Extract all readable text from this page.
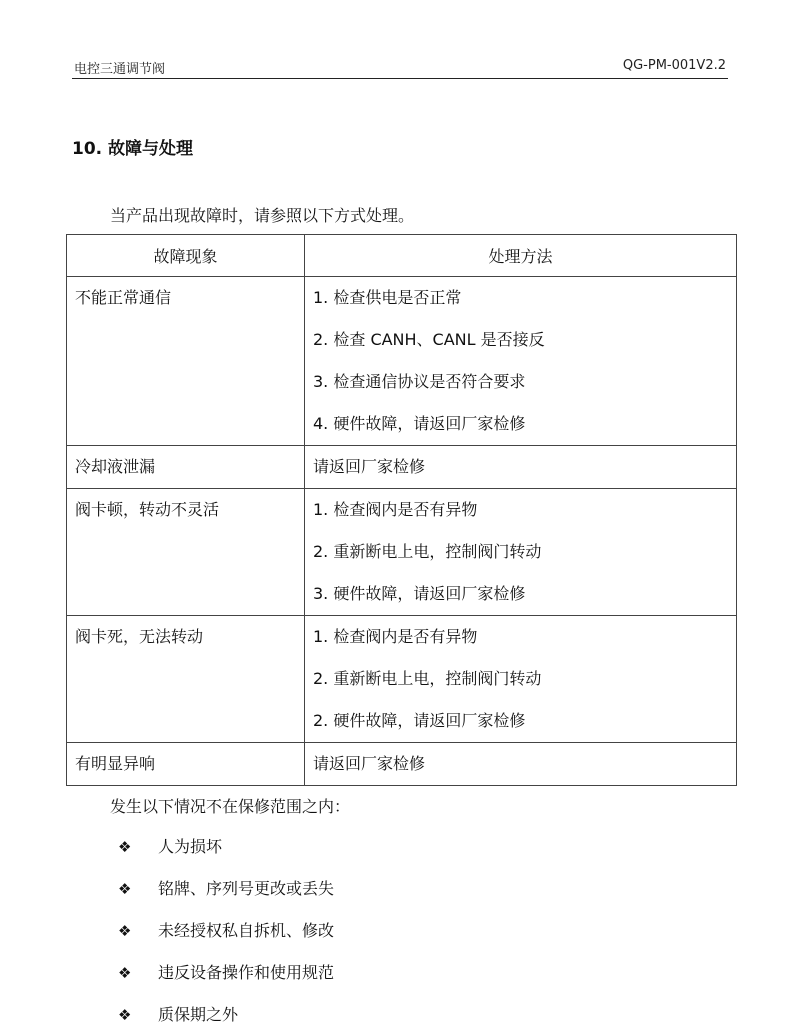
电控三通调节阀	QG-PM-001V2.2
10. 故障与处理
当产品出现故障时，请参照以下方式处理。
故障现象	处理方法

不能正常通信	1. 检查供电是否正常
2. 检查 CANH、CANL 是否接反
3. 检查通信协议是否符合要求
4. 硬件故障，请返回厂家检修

冷却液泄漏	请返回厂家检修

阀卡顿，转动不灵活	1. 检查阀内是否有异物
2. 重新断电上电，控制阀门转动
3. 硬件故障，请返回厂家检修

阀卡死，无法转动	1. 检查阀内是否有异物
2. 重新断电上电，控制阀门转动
2. 硬件故障，请返回厂家检修

有明显异响	请返回厂家检修
发生以下情况不在保修范围之内：
❖ 人为损坏
❖ 铭牌、序列号更改或丢失
❖ 未经授权私自拆机、修改
❖ 违反设备操作和使用规范
❖ 质保期之外
